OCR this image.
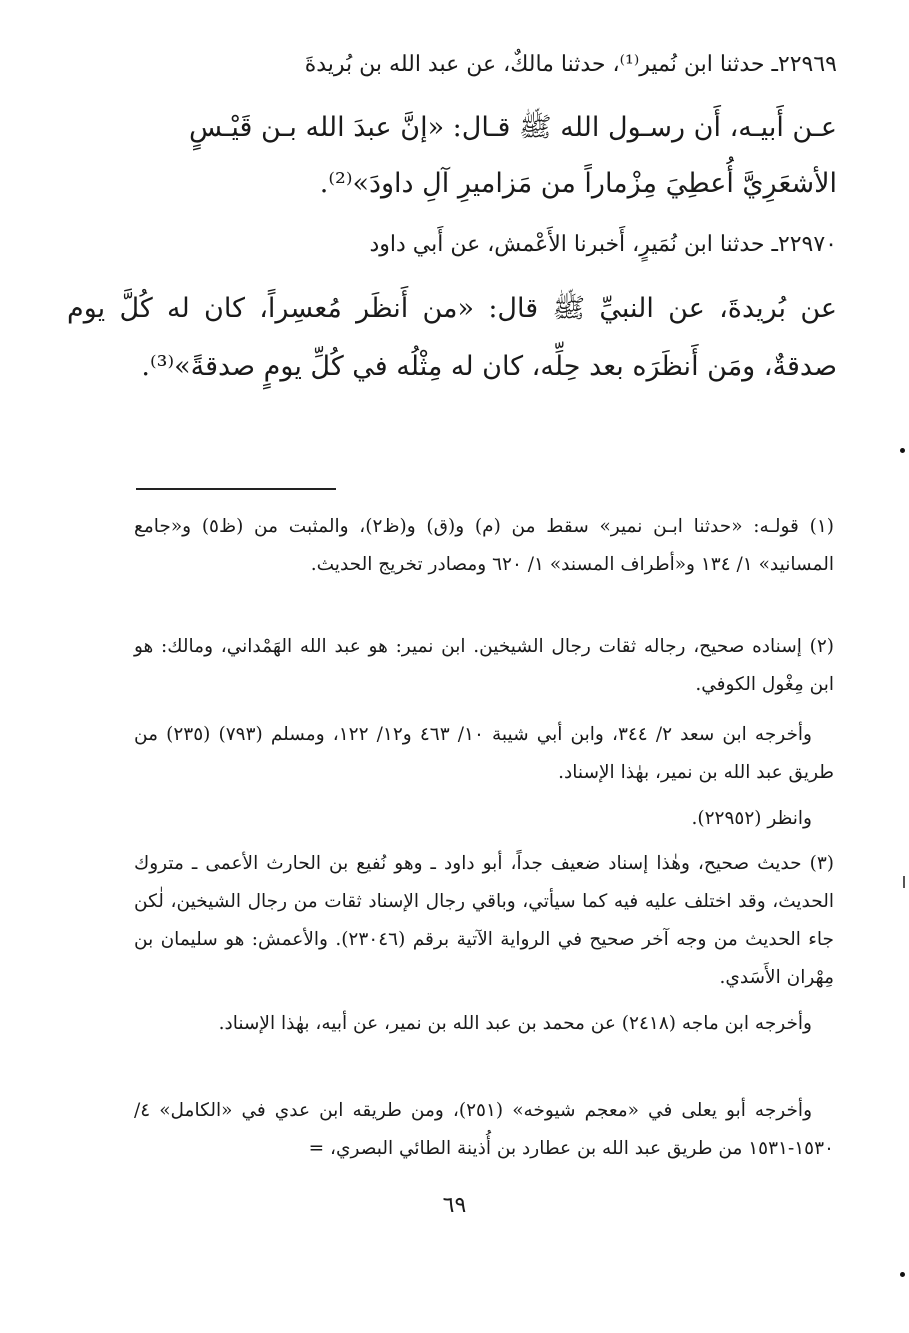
٢٢٩٦٩ـ حدثنا ابن نُمير⁽¹⁾، حدثنا مالكٌ، عن عبد الله بن بُريدةَ
عـن أَبيـه، أَن رسـول الله ﷺ قـال: «إنَّ عبدَ الله بـن قَيْـسٍ
الأشعَرِيَّ أُعطِيَ مِزْماراً من مَزاميرِ آلِ داودَ»⁽²⁾.
٢٢٩٧٠ـ حدثنا ابن نُمَيرٍ، أَخبرنا الأَعْمش، عن أَبي داود
عن بُريدةَ، عن النبيِّ ﷺ قال: «من أَنظَر مُعسِراً، كان له كُلَّ يوم صدقةٌ، ومَن أَنظَرَه بعد حِلِّه، كان له مِثْلُه في كُلِّ يومٍ صدقةً»⁽³⁾.
(١) قولـه: «حدثنا ابـن نمير» سقط من (م) و(ق) و(ظ٢)، والمثبت من (ظ٥) و«جامع المسانيد» ١/ ١٣٤ و«أطراف المسند» ١/ ٦٢٠ ومصادر تخريج الحديث.
(٢) إسناده صحيح، رجاله ثقات رجال الشيخين. ابن نمير: هو عبد الله الهَمْداني، ومالك: هو ابن مِغْول الكوفي.
وأخرجه ابن سعد ٢/ ٣٤٤، وابن أبي شيبة ١٠/ ٤٦٣ و١٢/ ١٢٢، ومسلم (٧٩٣) (٢٣٥) من طريق عبد الله بن نمير، بهٰذا الإسناد.
وانظر (٢٢٩٥٢).
(٣) حديث صحيح، وهٰذا إسناد ضعيف جداً، أبو داود ـ وهو نُفيع بن الحارث الأعمى ـ متروك الحديث، وقد اختلف عليه فيه كما سيأتي، وباقي رجال الإسناد ثقات من رجال الشيخين، لٰكن جاء الحديث من وجه آخر صحيح في الرواية الآتية برقم (٢٣٠٤٦). والأعمش: هو سليمان بن مِهْران الأَسَدي.
وأخرجه ابن ماجه (٢٤١٨) عن محمد بن عبد الله بن نمير، عن أبيه، بهٰذا الإسناد.
وأخرجه أبو يعلى في «معجم شيوخه» (٢٥١)، ومن طريقه ابن عدي في «الكامل» ٤/ ١٥٣٠-١٥٣١ من طريق عبد الله بن عطارد بن أُذينة الطائي البصري، =
٦٩
